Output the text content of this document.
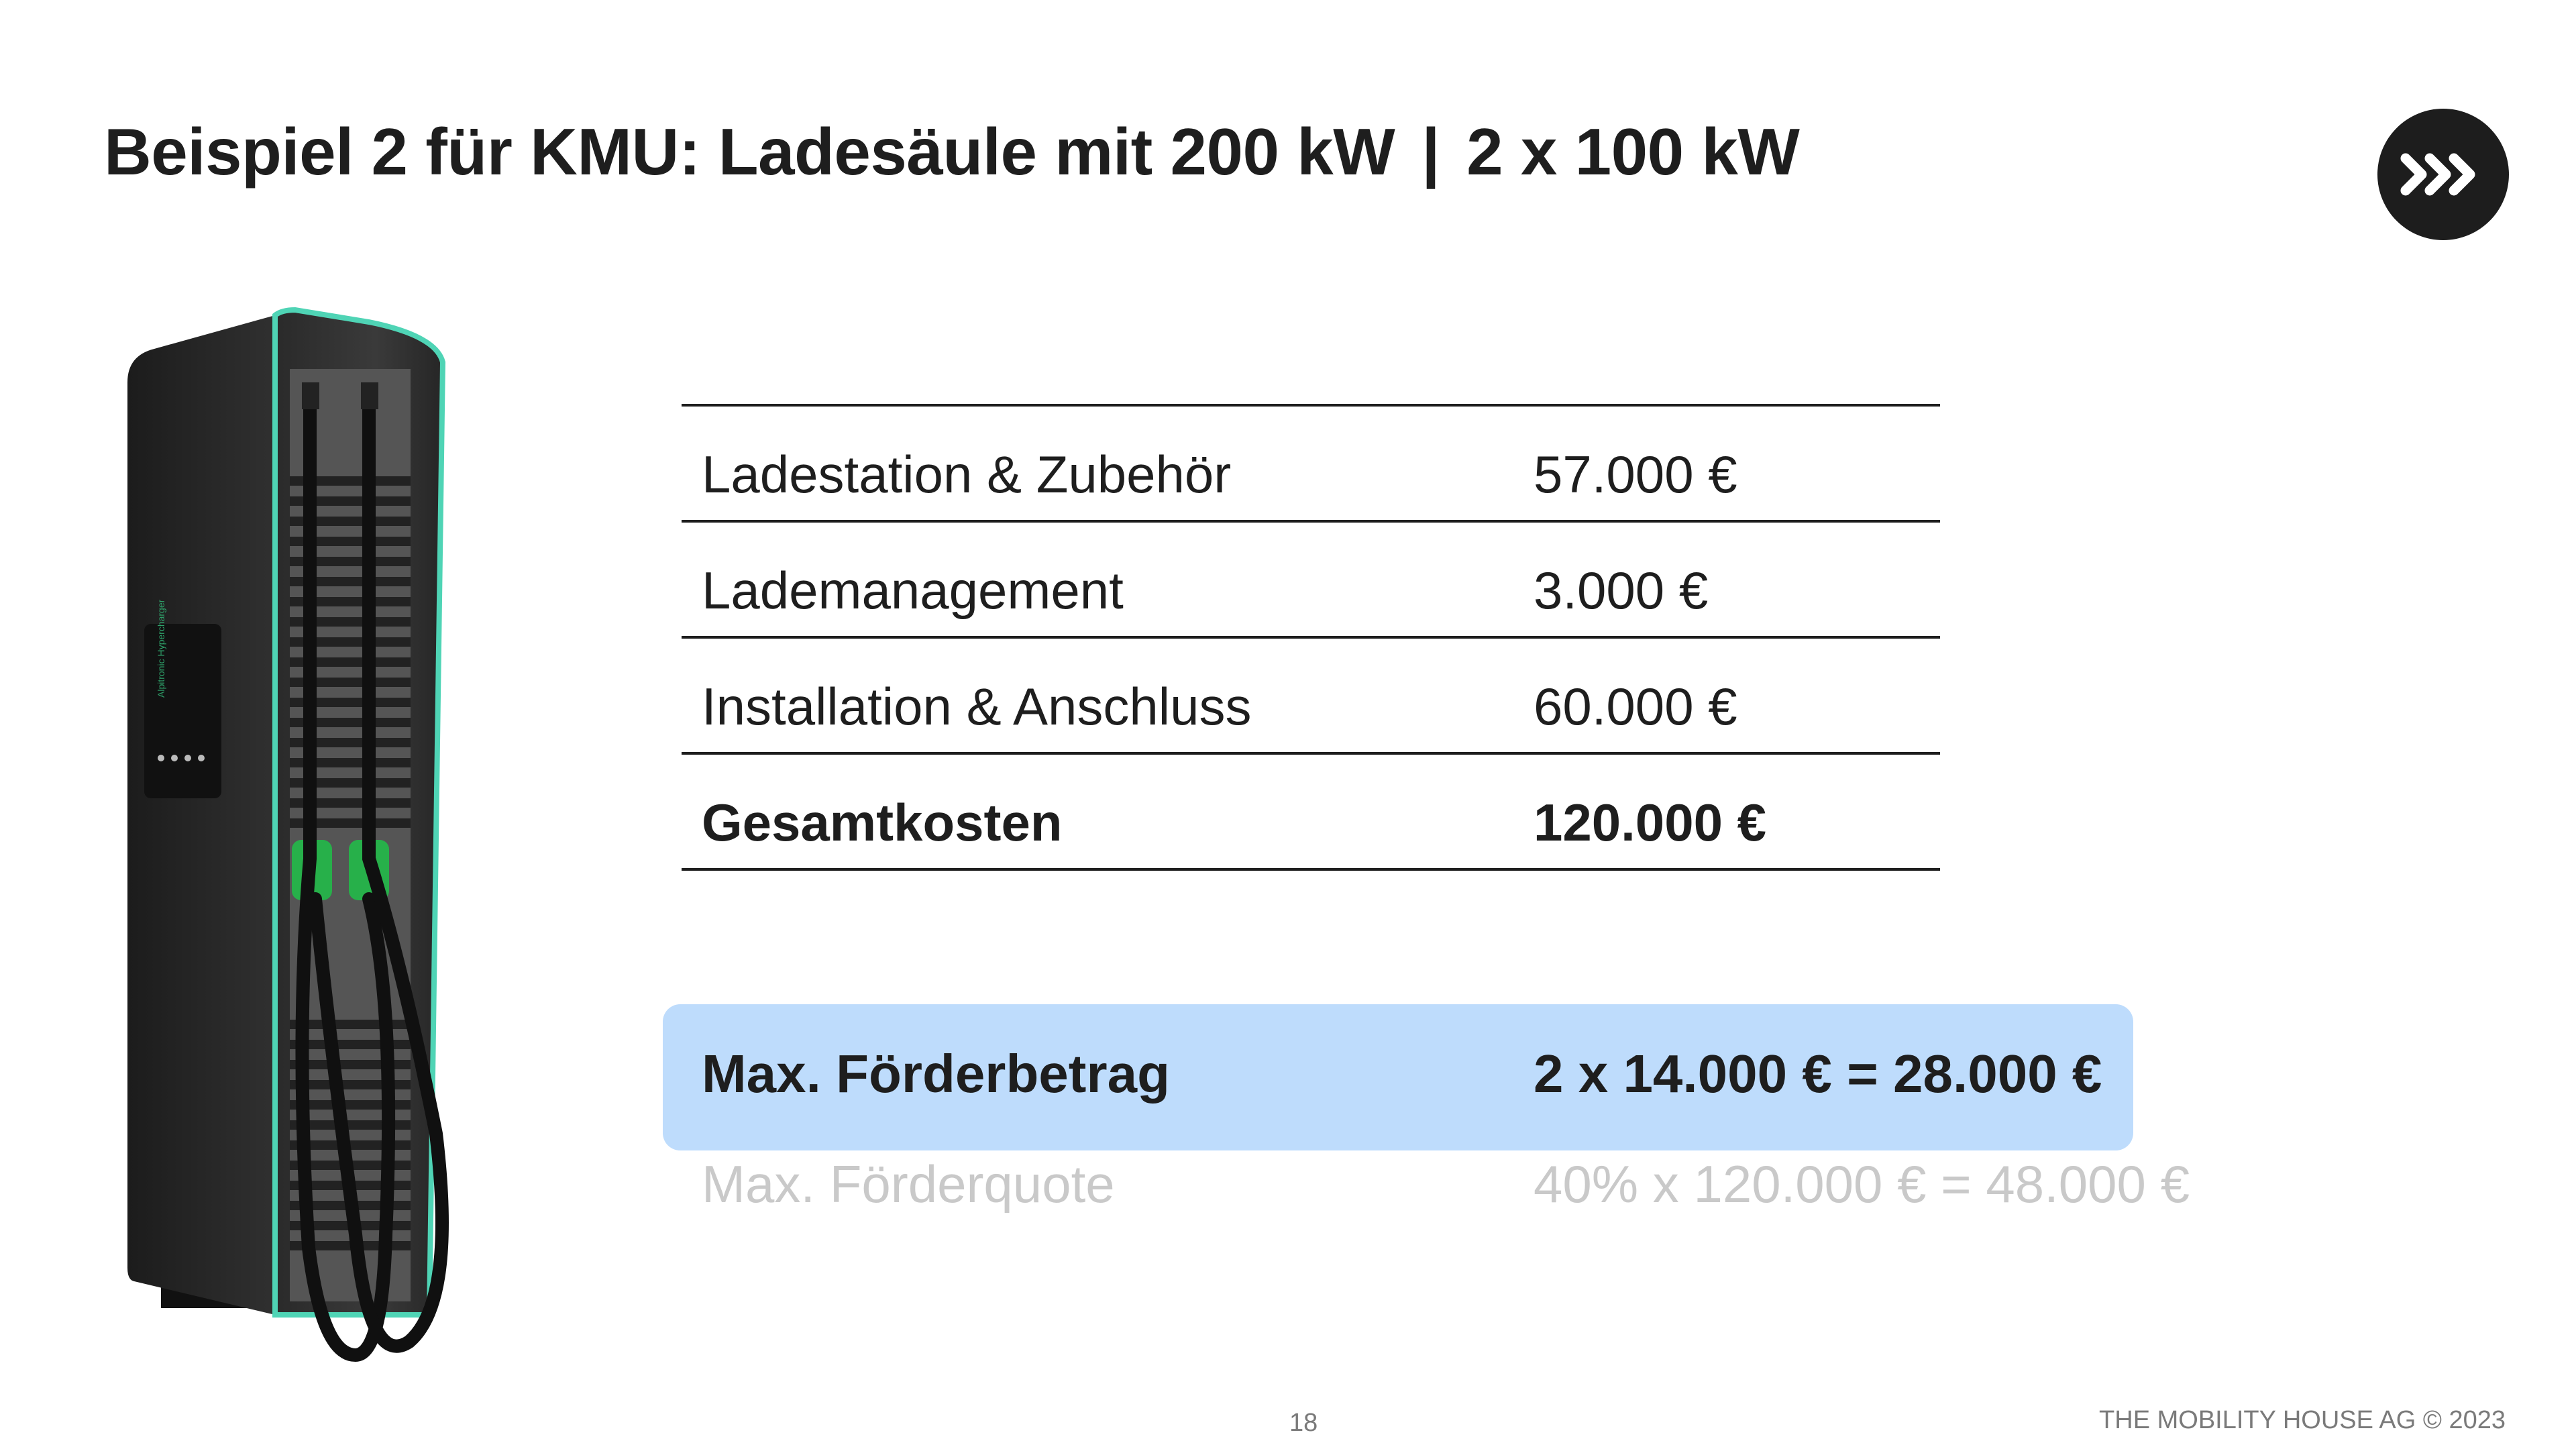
Beispiel 2 für KMU: Ladesäule mit 200 kW | 2 x 100 kW
Alpitronic Hypercharger
Ladestation & Zubehör	57.000 €
Lademanagement	3.000 €
Installation & Anschluss	60.000 €
Gesamtkosten	120.000 €
Max. Förderbetrag	2 x 14.000 € = 28.000 €
Max. Förderquote	40% x 120.000 € = 48.000 €
18	THE MOBILITY HOUSE AG © 2023
